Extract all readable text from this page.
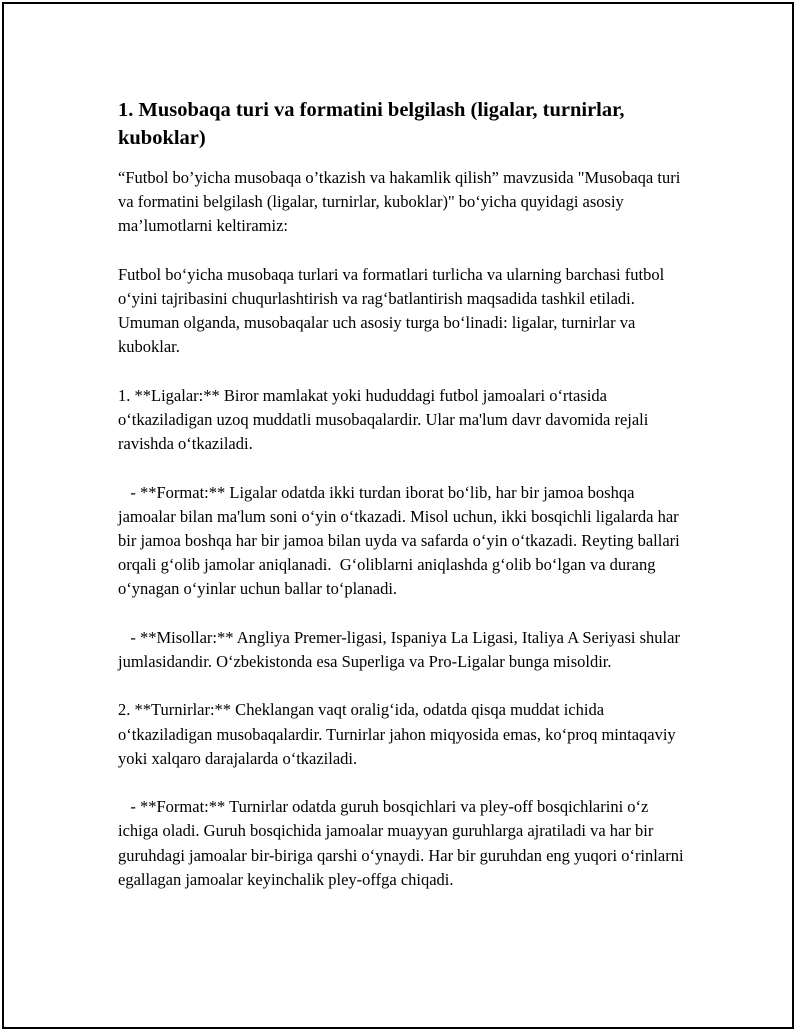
1. Musobaqa turi va formatini belgilash (ligalar, turnirlar, kuboklar)

“Futbol bo’yicha musobaqa o’tkazish va hakamlik qilish” mavzusida "Musobaqa turi va formatini belgilash (ligalar, turnirlar, kuboklar)" bo‘yicha quyidagi asosiy ma’lumotlarni keltiramiz:

Futbol bo‘yicha musobaqa turlari va formatlari turlicha va ularning barchasi futbol o‘yini tajribasini chuqurlashtirish va rag‘batlantirish maqsadida tashkil etiladi. Umuman olganda, musobaqalar uch asosiy turga bo‘linadi: ligalar, turnirlar va kuboklar.

1. **Ligalar:** Biror mamlakat yoki hududdagi futbol jamoalari o‘rtasida o‘tkaziladigan uzoq muddatli musobaqalardir. Ular ma'lum davr davomida rejali ravishda o‘tkaziladi.

- **Format:** Ligalar odatda ikki turdan iborat bo‘lib, har bir jamoa boshqa jamoalar bilan ma'lum soni o‘yin o‘tkazadi. Misol uchun, ikki bosqichli ligalarda har bir jamoa boshqa har bir jamoa bilan uyda va safarda o‘yin o‘tkazadi. Reyting ballari orqali g‘olib jamolar aniqlanadi.  G‘oliblarni aniqlashda g‘olib bo‘lgan va durang o‘ynagan o‘yinlar uchun ballar to‘planadi.

- **Misollar:** Angliya Premer-ligasi, Ispaniya La Ligasi, Italiya A Seriyasi shular jumlasidandir. O‘zbekistonda esa Superliga va Pro-Ligalar bunga misoldir.

2. **Turnirlar:** Cheklangan vaqt oralig‘ida, odatda qisqa muddat ichida o‘tkaziladigan musobaqalardir. Turnirlar jahon miqyosida emas, ko‘proq mintaqaviy yoki xalqaro darajalarda o‘tkaziladi.

- **Format:** Turnirlar odatda guruh bosqichlari va pley-off bosqichlarini o‘z ichiga oladi. Guruh bosqichida jamoalar muayyan guruhlarga ajratiladi va har bir guruhdagi jamoalar bir-biriga qarshi o‘ynaydi. Har bir guruhdan eng yuqori o‘rinlarni egallagan jamoalar keyinchalik pley-offga chiqadi.
